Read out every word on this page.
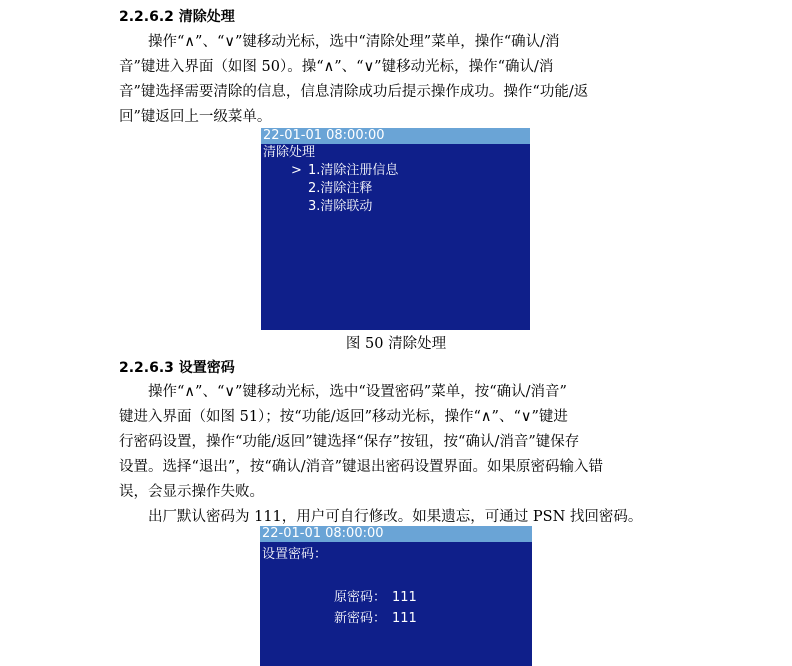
2.2.6.2 清除处理
操作“∧”、“∨”键移动光标，选中“清除处理”菜单，操作“确认/消
音”键进入界面（如图 50）。操“∧”、“∨”键移动光标，操作“确认/消
音”键选择需要清除的信息，信息清除成功后提示操作成功。操作“功能/返
回”键返回上一级菜单。
22-01-01 08:00:00
清除处理
> 1.清除注册信息
2.清除注释
3.清除联动
图 50 清除处理
2.2.6.3 设置密码
操作“∧”、“∨”键移动光标，选中“设置密码”菜单，按“确认/消音”
键进入界面（如图 51）；按“功能/返回”移动光标，操作“∧”、“∨”键进
行密码设置，操作“功能/返回”键选择“保存”按钮，按“确认/消音”键保存
设置。选择“退出”，按“确认/消音”键退出密码设置界面。如果原密码输入错
误，会显示操作失败。
出厂默认密码为 111，用户可自行修改。如果遗忘，可通过 PSN 找回密码。
22-01-01 08:00:00
设置密码：
原密码： 111
新密码： 111
